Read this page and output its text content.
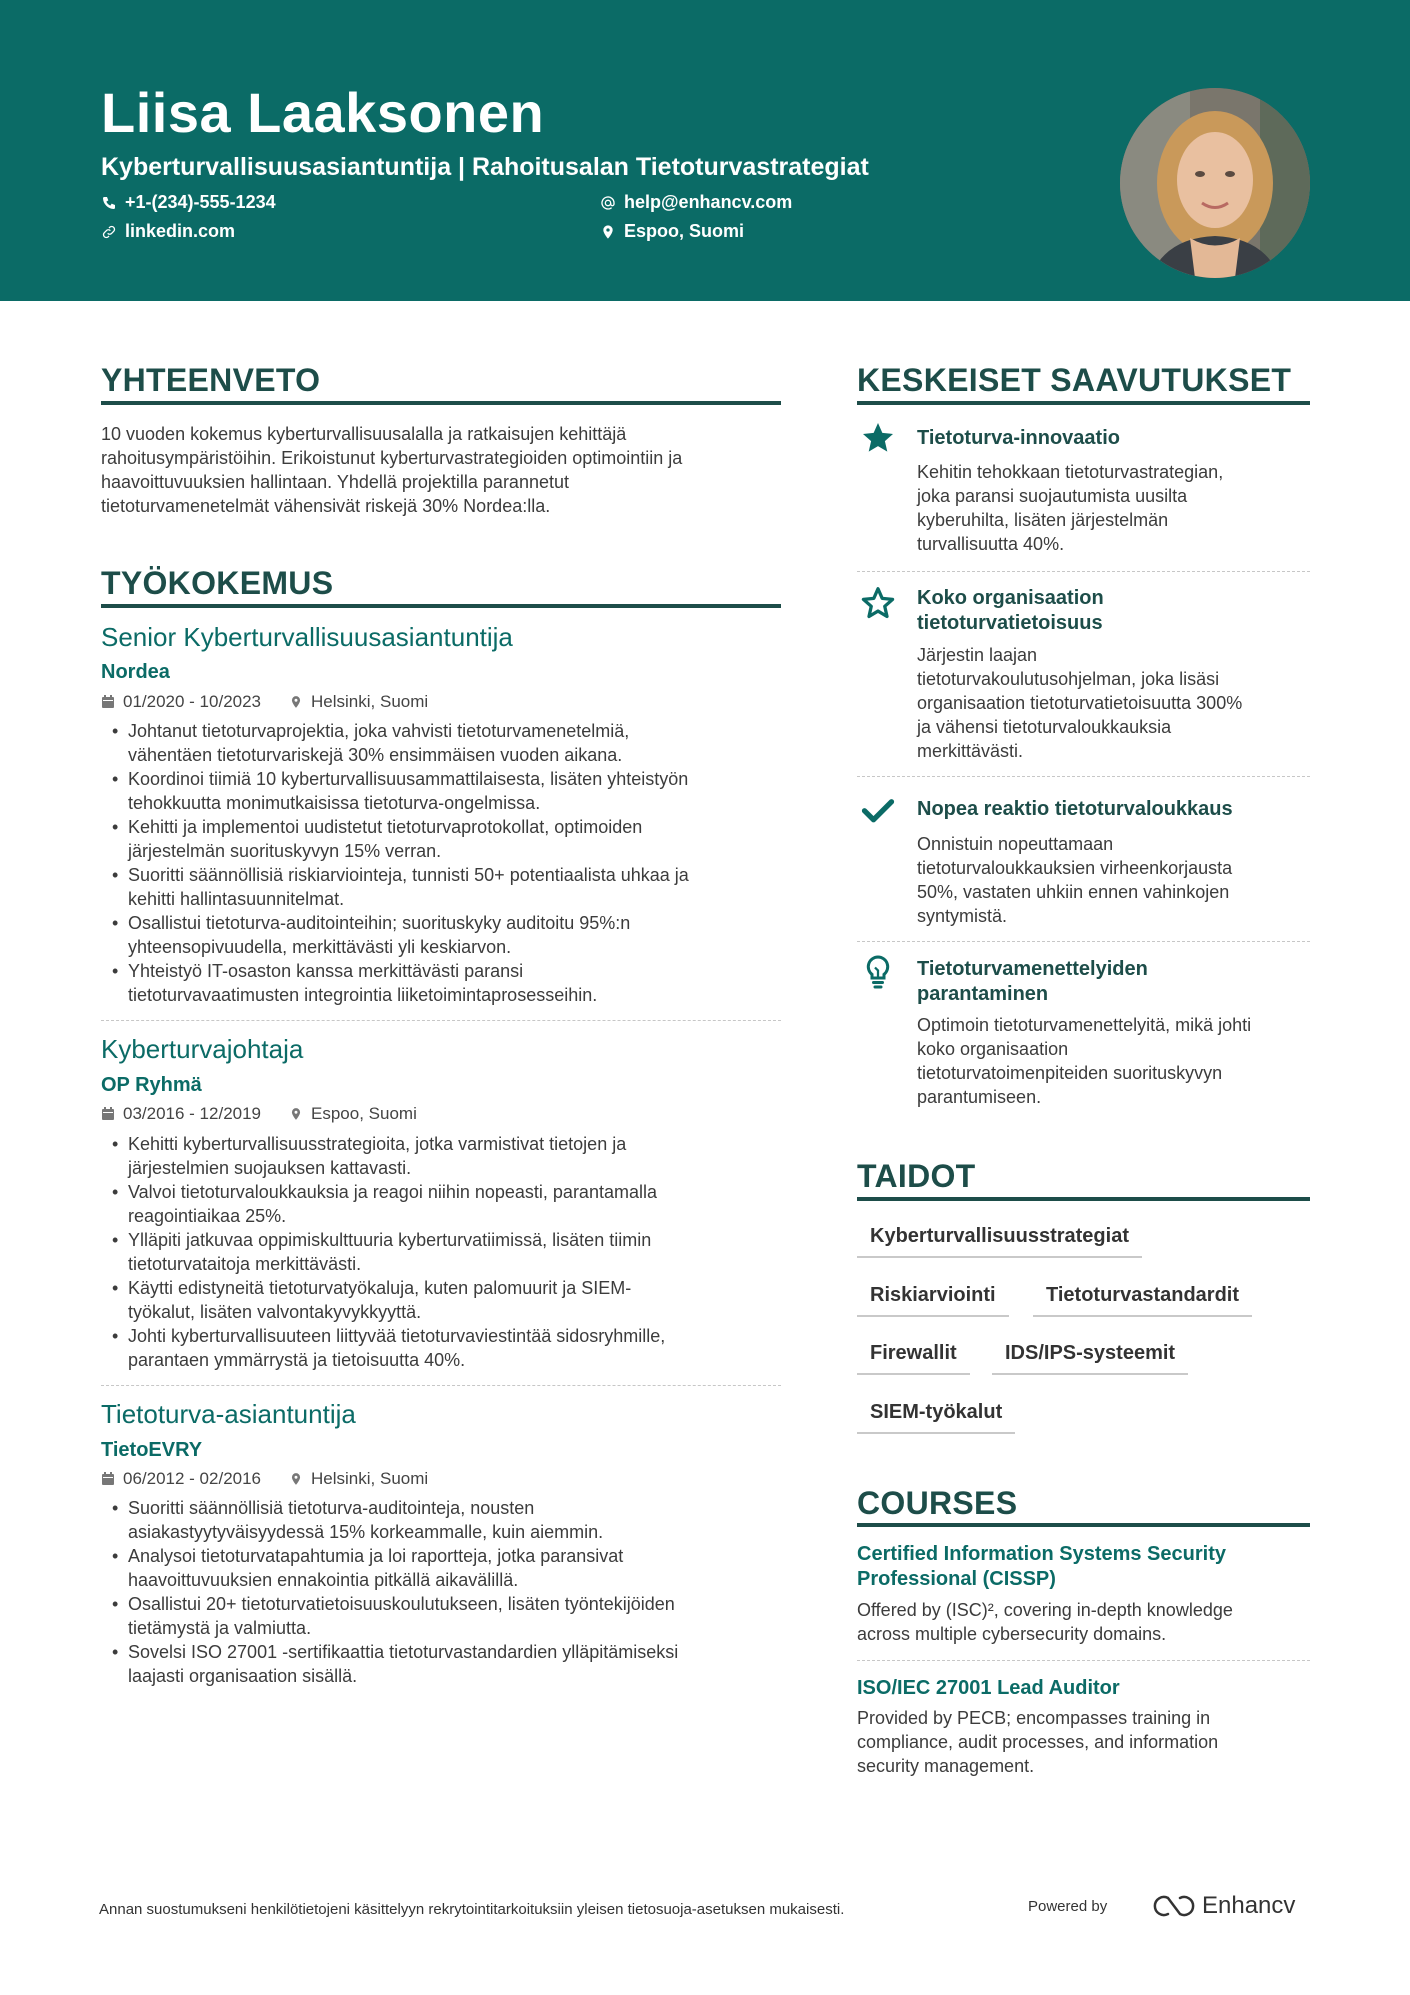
Liisa Laaksonen
Kyberturvallisuusasiantuntija | Rahoitusalan Tietoturvastrategiat
+1-(234)-555-1234	help@enhancv.com
linkedin.com	Espoo, Suomi
YHTEENVETO
10 vuoden kokemus kyberturvallisuusalalla ja ratkaisujen kehittäjä
rahoitusympäristöihin. Erikoistunut kyberturvastrategioiden optimointiin ja
haavoittuvuuksien hallintaan. Yhdellä projektilla parannetut
tietoturvamenetelmät vähensivät riskejä 30% Nordea:lla.
TYÖKOKEMUS
Senior Kyberturvallisuusasiantuntija
Nordea
01/2020 - 10/2023	Helsinki, Suomi
• Johtanut tietoturvaprojektia, joka vahvisti tietoturvamenetelmiä,
vähentäen tietoturvariskejä 30% ensimmäisen vuoden aikana.
• Koordinoi tiimiä 10 kyberturvallisuusammattilaisesta, lisäten yhteistyön
tehokkuutta monimutkaisissa tietoturva-ongelmissa.
• Kehitti ja implementoi uudistetut tietoturvaprotokollat, optimoiden
järjestelmän suorituskyvyn 15% verran.
• Suoritti säännöllisiä riskiarviointeja, tunnisti 50+ potentiaalista uhkaa ja
kehitti hallintasuunnitelmat.
• Osallistui tietoturva-auditointeihin; suorituskyky auditoitu 95%:n
yhteensopivuudella, merkittävästi yli keskiarvon.
• Yhteistyö IT-osaston kanssa merkittävästi paransi
tietoturvavaatimusten integrointia liiketoimintaprosesseihin.
Kyberturvajohtaja
OP Ryhmä
03/2016 - 12/2019	Espoo, Suomi
• Kehitti kyberturvallisuusstrategioita, jotka varmistivat tietojen ja
järjestelmien suojauksen kattavasti.
• Valvoi tietoturvaloukkauksia ja reagoi niihin nopeasti, parantamalla
reagointiaikaa 25%.
• Ylläpiti jatkuvaa oppimiskulttuuria kyberturvatiimissä, lisäten tiimin
tietoturvataitoja merkittävästi.
• Käytti edistyneitä tietoturvatyökaluja, kuten palomuurit ja SIEM-
työkalut, lisäten valvontakyvykkyyttä.
• Johti kyberturvallisuuteen liittyvää tietoturvaviestintää sidosryhmille,
parantaen ymmärrystä ja tietoisuutta 40%.
Tietoturva-asiantuntija
TietoEVRY
06/2012 - 02/2016	Helsinki, Suomi
• Suoritti säännöllisiä tietoturva-auditointeja, nousten
asiakastyytyväisyydessä 15% korkeammalle, kuin aiemmin.
• Analysoi tietoturvatapahtumia ja loi raportteja, jotka paransivat
haavoittuvuuksien ennakointia pitkällä aikavälillä.
• Osallistui 20+ tietoturvatietoisuuskoulutukseen, lisäten työntekijöiden
tietämystä ja valmiutta.
• Sovelsi ISO 27001 -sertifikaattia tietoturvastandardien ylläpitämiseksi
laajasti organisaation sisällä.
KESKEISET SAAVUTUKSET
Tietoturva-innovaatio
Kehitin tehokkaan tietoturvastrategian,
joka paransi suojautumista uusilta
kyberuhilta, lisäten järjestelmän
turvallisuutta 40%.
Koko organisaation
tietoturvatietoisuus
Järjestin laajan
tietoturvakoulutusohjelman, joka lisäsi
organisaation tietoturvatietoisuutta 300%
ja vähensi tietoturvaloukkauksia
merkittävästi.
Nopea reaktio tietoturvaloukkaus
Onnistuin nopeuttamaan
tietoturvaloukkauksien virheenkorjausta
50%, vastaten uhkiin ennen vahinkojen
syntymistä.
Tietoturvamenettelyiden
parantaminen
Optimoin tietoturvamenettelyitä, mikä johti
koko organisaation
tietoturvatoimenpiteiden suorituskyvyn
parantumiseen.
TAIDOT
Kyberturvallisuusstrategiat
Riskiarviointi	Tietoturvastandardit
Firewallit	IDS/IPS-systeemit
SIEM-työkalut
COURSES
Certified Information Systems Security
Professional (CISSP)
Offered by (ISC)², covering in-depth knowledge
across multiple cybersecurity domains.
ISO/IEC 27001 Lead Auditor
Provided by PECB; encompasses training in
compliance, audit processes, and information
security management.
Annan suostumukseni henkilötietojeni käsittelyyn rekrytointitarkoituksiin yleisen tietosuoja-asetuksen mukaisesti.	Powered by	Enhancv
